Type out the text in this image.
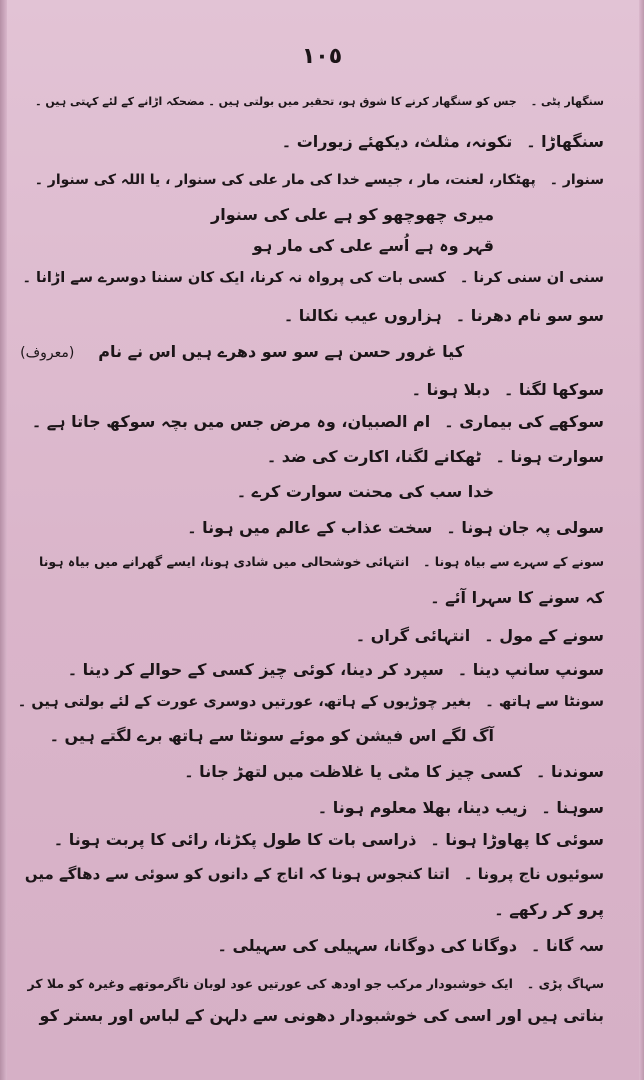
١٠٥
سنگھار پٹی ۔جس کو سنگھار کرنے کا شوق ہو، تحقیر میں بولتی ہیں ۔ مضحکہ اڑانے کے لئے کہتی ہیں ۔
سنگھاڑا ۔تکونہ، مثلث، دیکھئے زیورات ۔
سنوار ۔پھٹکار، لعنت، مار ، جیسے خدا کی مار علی کی سنوار ، یا اللہ کی سنوار ۔
میری چھوچھو کو ہے علی کی سنوار
قہر وہ ہے اُسے علی کی مار ہو
سنی ان سنی کرنا ۔کسی بات کی پرواہ نہ کرنا، ایک کان سننا دوسرے سے اڑانا ۔
سو سو نام دھرنا ۔ہزاروں عیب نکالنا ۔
کیا غرور حسن ہے سو سو دھرے ہیں اس نے نام(معروف)
سوکھا لگنا ۔دبلا ہونا ۔
سوکھے کی بیماری ۔ام الصبیان، وہ مرض جس میں بچہ سوکھ جاتا ہے ۔
سوارت ہونا ۔ٹھکانے لگنا، اکارت کی ضد ۔
خدا سب کی محنت سوارت کرے ۔
سولی پہ جان ہونا ۔سخت عذاب کے عالم میں ہونا ۔
سونے کے سہرے سے بیاہ ہونا ۔انتہائی خوشحالی میں شادی ہونا، ایسے گھرانے میں بیاہ ہونا
کہ سونے کا سہرا آئے ۔
سونے کے مول ۔انتہائی گراں ۔
سونپ سانپ دینا ۔سپرد کر دینا، کوئی چیز کسی کے حوالے کر دینا ۔
سونٹا سے ہاتھ ۔بغیر چوڑیوں کے ہاتھ، عورتیں دوسری عورت کے لئے بولتی ہیں ۔
آگ لگے اس فیشن کو موئے سونٹا سے ہاتھ برے لگتے ہیں ۔
سوندنا ۔کسی چیز کا مٹی یا غلاظت میں لتھڑ جانا ۔
سوہنا ۔زیب دینا، بھلا معلوم ہونا ۔
سوئی کا پھاوڑا ہونا ۔ذراسی بات کا طول پکڑنا، رائی کا پربت ہونا ۔
سوئیوں ناج پرونا ۔اتنا کنجوس ہونا کہ اناج کے دانوں کو سوئی سے دھاگے میں
پرو کر رکھے ۔
سہ گانا ۔دوگانا کی دوگانا، سہیلی کی سہیلی ۔
سہاگ پڑی ۔ایک خوشبودار مرکب جو اودھ کی عورتیں عود لوبان ناگرموتھے وغیرہ کو ملا کر
بناتی ہیں اور اسی کی خوشبودار دھونی سے دلہن کے لباس اور بستر کو
